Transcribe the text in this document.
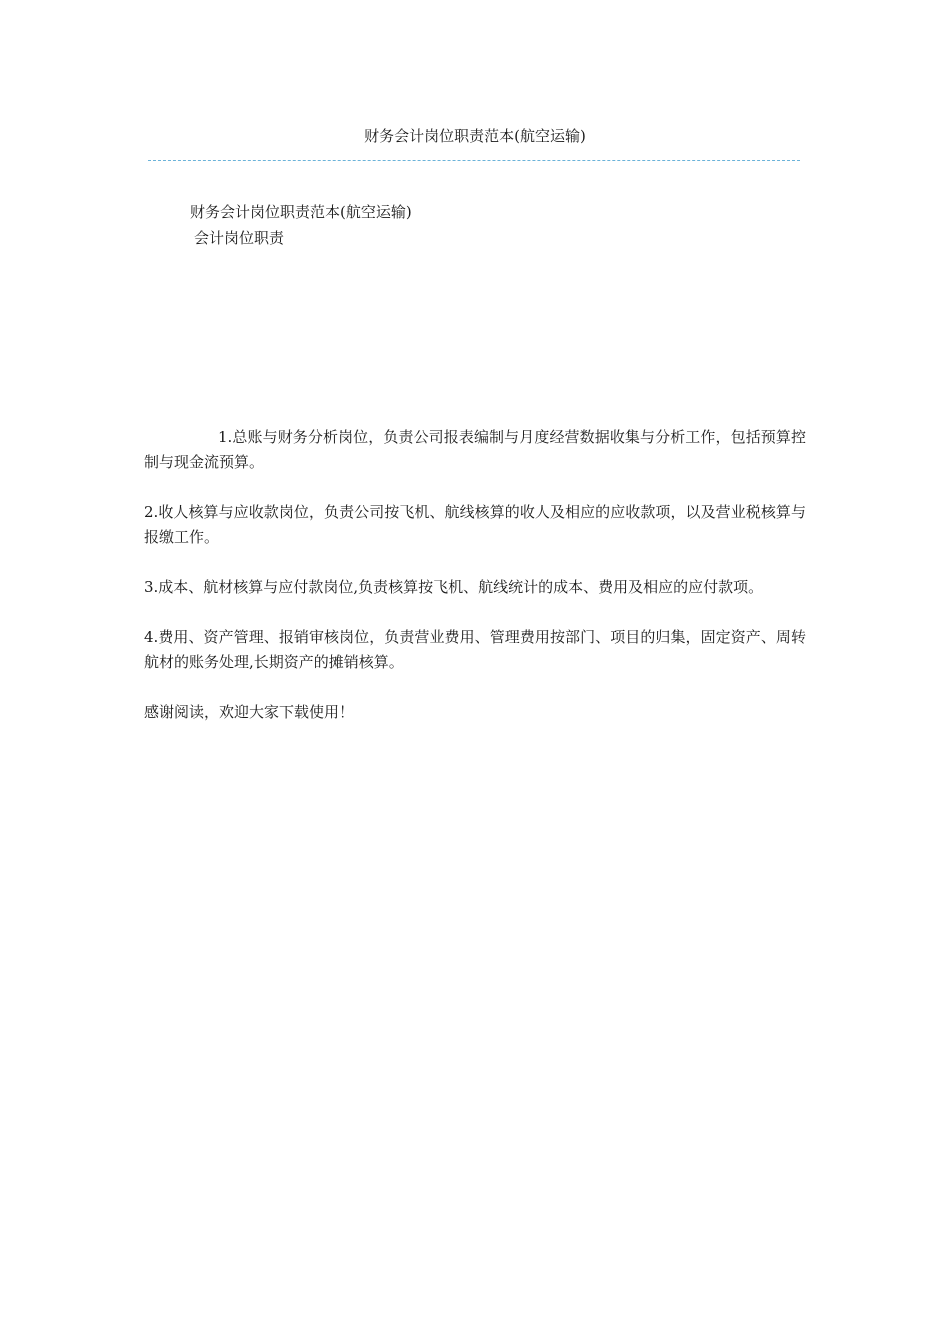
财务会计岗位职责范本(航空运输)
财务会计岗位职责范本(航空运输)
会计岗位职责

1.总账与财务分析岗位，负责公司报表编制与月度经营数据收集与分析工作，包括预算控制与现金流预算。

2.收人核算与应收款岗位，负责公司按飞机、航线核算的收人及相应的应收款项，以及营业税核算与报缴工作。

3.成本、航材核算与应付款岗位,负责核算按飞机、航线统计的成本、费用及相应的应付款项。

4.费用、资产管理、报销审核岗位，负责营业费用、管理费用按部门、项目的归集，固定资产、周转航材的账务处理,长期资产的摊销核算。

感谢阅读，欢迎大家下载使用！
